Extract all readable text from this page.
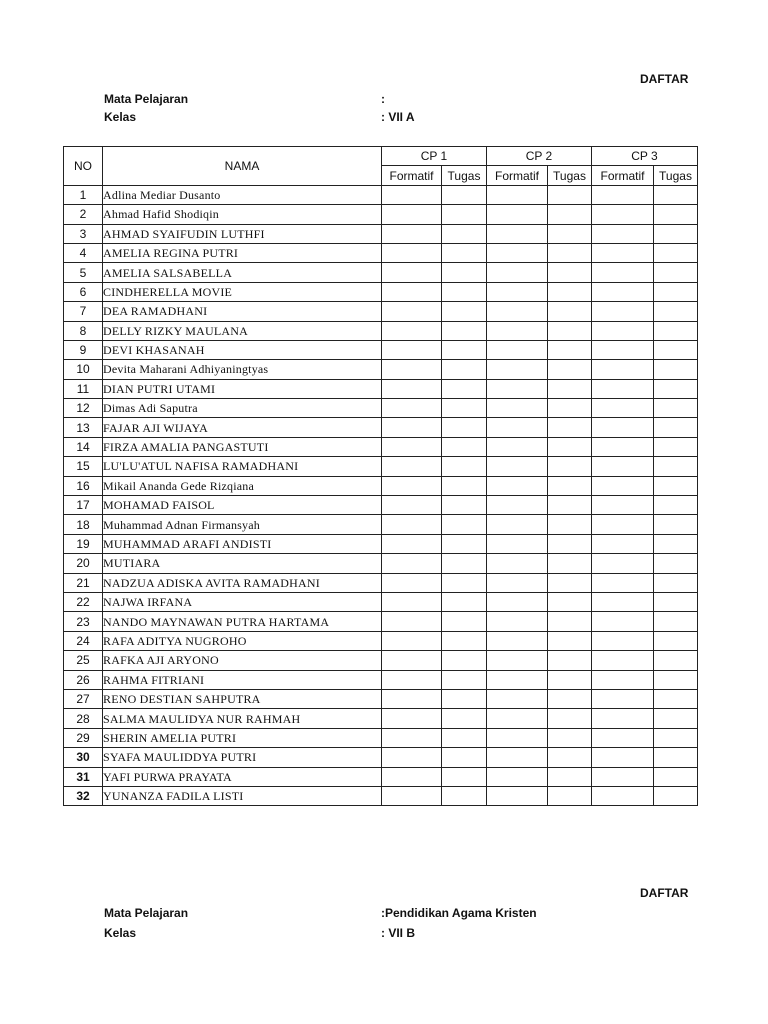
DAFTAR
Mata Pelajaran	:
Kelas	: VII A
NO	NAMA	CP 1		CP 2		CP 3	
		Formatif	Tugas	Formatif	Tugas	Formatif	Tugas
1	Adlina Mediar Dusanto						
2	Ahmad Hafid Shodiqin						
3	AHMAD SYAIFUDIN LUTHFI						
4	AMELIA REGINA PUTRI						
5	AMELIA SALSABELLA						
6	CINDHERELLA MOVIE						
7	DEA RAMADHANI						
8	DELLY RIZKY MAULANA						
9	DEVI KHASANAH						
10	Devita Maharani Adhiyaningtyas						
11	DIAN PUTRI UTAMI						
12	Dimas Adi Saputra						
13	FAJAR AJI WIJAYA						
14	FIRZA AMALIA PANGASTUTI						
15	LU'LU'ATUL NAFISA RAMADHANI						
16	Mikail Ananda Gede Rizqiana						
17	MOHAMAD FAISOL						
18	Muhammad Adnan Firmansyah						
19	MUHAMMAD ARAFI ANDISTI						
20	MUTIARA						
21	NADZUA ADISKA AVITA RAMADHANI						
22	NAJWA IRFANA						
23	NANDO MAYNAWAN PUTRA HARTAMA						
24	RAFA ADITYA NUGROHO						
25	RAFKA AJI ARYONO						
26	RAHMA FITRIANI						
27	RENO DESTIAN SAHPUTRA						
28	SALMA MAULIDYA NUR RAHMAH						
29	SHERIN AMELIA PUTRI						
30	SYAFA MAULIDDYA PUTRI						
31	YAFI PURWA PRAYATA						
32	YUNANZA FADILA LISTI						
DAFTAR
Mata Pelajaran	:Pendidikan Agama Kristen
Kelas	: VII B
